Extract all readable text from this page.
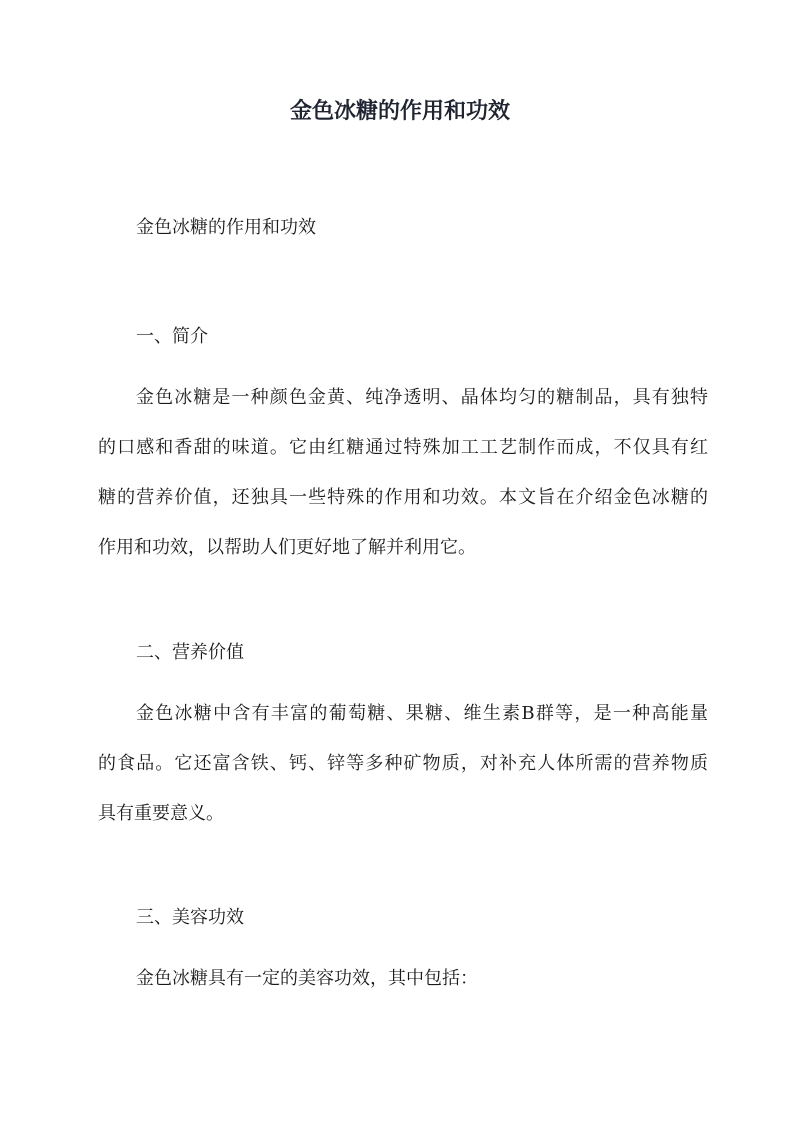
金色冰糖的作用和功效

金色冰糖的作用和功效

一、简介

金色冰糖是一种颜色金黄、纯净透明、晶体均匀的糖制品，具有独特

的口感和香甜的味道。它由红糖通过特殊加工工艺制作而成，不仅具有红

糖的营养价值，还独具一些特殊的作用和功效。本文旨在介绍金色冰糖的

作用和功效，以帮助人们更好地了解并利用它。

二、营养价值

金色冰糖中含有丰富的葡萄糖、果糖、维生素B群等，是一种高能量

的食品。它还富含铁、钙、锌等多种矿物质，对补充人体所需的营养物质

具有重要意义。

三、美容功效

金色冰糖具有一定的美容功效，其中包括：
